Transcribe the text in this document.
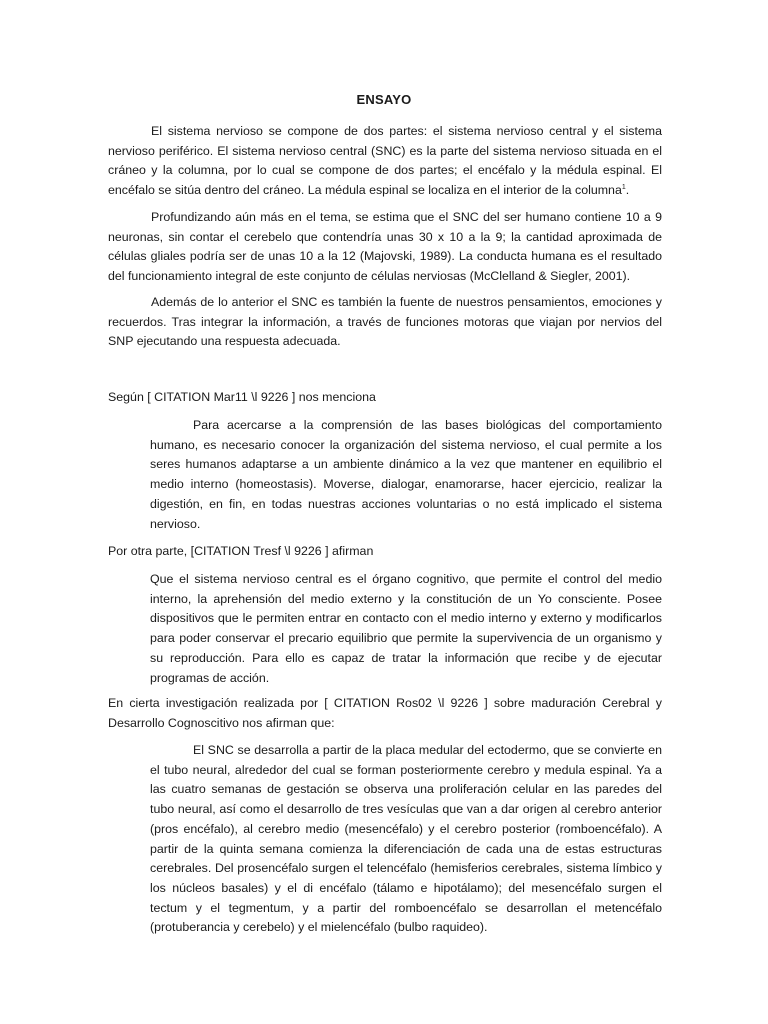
ENSAYO

El sistema nervioso se compone de dos partes: el sistema nervioso central y el sistema nervioso periférico. El sistema nervioso central (SNC) es la parte del sistema nervioso situada en el cráneo y la columna, por lo cual se compone de dos partes; el encéfalo y la médula espinal. El encéfalo se sitúa dentro del cráneo. La médula espinal se localiza en el interior de la columna$^1$.

Profundizando aún más en el tema, se estima que el SNC del ser humano contiene 10 a 9 neuronas, sin contar el cerebelo que contendría unas 30 x 10 a la 9; la cantidad aproximada de células gliales podría ser de unas 10 a la 12 (Majovski, 1989). La conducta humana es el resultado del funcionamiento integral de este conjunto de células nerviosas (McClelland & Siegler, 2001).

Además de lo anterior el SNC es también la fuente de nuestros pensamientos, emociones y recuerdos. Tras integrar la información, a través de funciones motoras que viajan por nervios del SNP ejecutando una respuesta adecuada.

Según [ CITATION Mar11 \l 9226 ] nos menciona

Para acercarse a la comprensión de las bases biológicas del comportamiento humano, es necesario conocer la organización del sistema nervioso, el cual permite a los seres humanos adaptarse a un ambiente dinámico a la vez que mantener en equilibrio el medio interno (homeostasis). Moverse, dialogar, enamorarse, hacer ejercicio, realizar la digestión, en fin, en todas nuestras acciones voluntarias o no está implicado el sistema nervioso.

Por otra parte, [CITATION Tresf \l 9226 ] afirman

Que el sistema nervioso central es el órgano cognitivo, que permite el control del medio interno, la aprehensión del medio externo y la constitución de un Yo consciente. Posee dispositivos que le permiten entrar en contacto con el medio interno y externo y modificarlos para poder conservar el precario equilibrio que permite la supervivencia de un organismo y su reproducción. Para ello es capaz de tratar la información que recibe y de ejecutar programas de acción.

En cierta investigación realizada por [ CITATION Ros02 \l 9226 ] sobre maduración Cerebral y Desarrollo Cognoscitivo nos afirman que:

El SNC se desarrolla a partir de la placa medular del ectodermo, que se convierte en el tubo neural, alrededor del cual se forman posteriormente cerebro y medula espinal. Ya a las cuatro semanas de gestación se observa una proliferación celular en las paredes del tubo neural, así como el desarrollo de tres vesículas que van a dar origen al cerebro anterior (pros encéfalo), al cerebro medio (mesencéfalo) y el cerebro posterior (romboencéfalo). A partir de la quinta semana comienza la diferenciación de cada una de estas estructuras cerebrales. Del prosencéfalo surgen el telencéfalo (hemisferios cerebrales, sistema límbico y los núcleos basales) y el di encéfalo (tálamo e hipotálamo); del mesencéfalo surgen el tectum y el tegmentum, y a partir del romboencéfalo se desarrollan el metencéfalo (protuberancia y cerebelo) y el mielencéfalo (bulbo raquideo).
